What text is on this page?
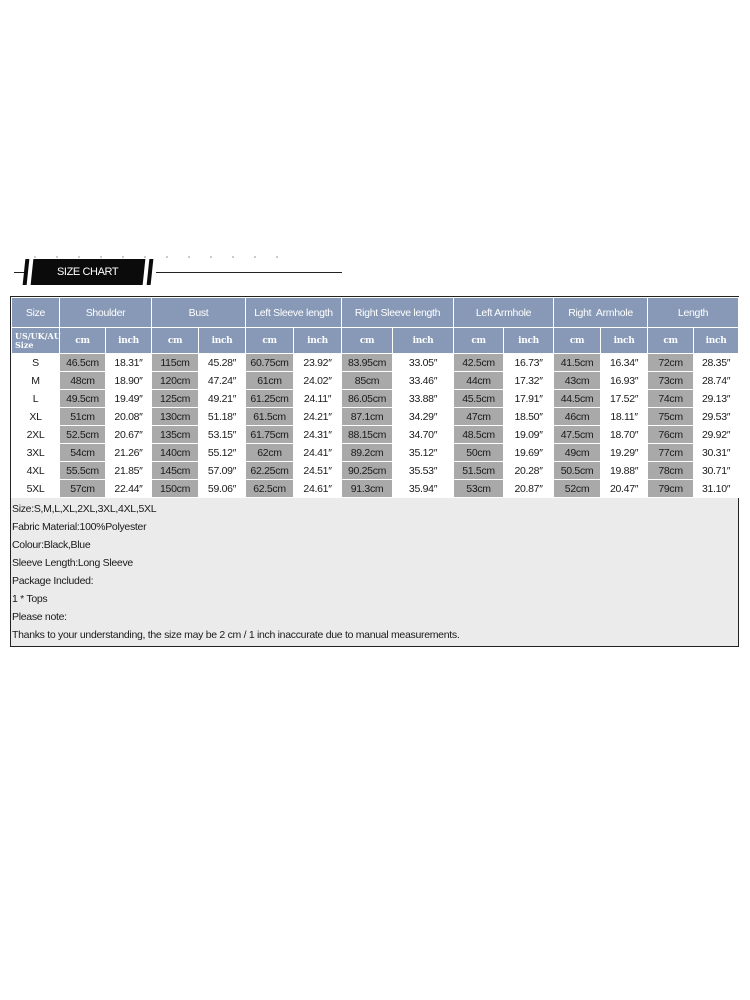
SIZE CHART
Size	Shoulder		Bust		Left Sleeve length		Right Sleeve length		Left Armhole		Right  Armhole		Length	
US/UK/AU Size	cm	inch	cm	inch	cm	inch	cm	inch	cm	inch	cm	inch	cm	inch
S	46.5cm	18.31″	115cm	45.28″	60.75cm	23.92″	83.95cm	33.05″	42.5cm	16.73″	41.5cm	16.34″	72cm	28.35″
M	48cm	18.90″	120cm	47.24″	61cm	24.02″	85cm	33.46″	44cm	17.32″	43cm	16.93″	73cm	28.74″
L	49.5cm	19.49″	125cm	49.21″	61.25cm	24.11″	86.05cm	33.88″	45.5cm	17.91″	44.5cm	17.52″	74cm	29.13″
XL	51cm	20.08″	130cm	51.18″	61.5cm	24.21″	87.1cm	34.29″	47cm	18.50″	46cm	18.11″	75cm	29.53″
2XL	52.5cm	20.67″	135cm	53.15″	61.75cm	24.31″	88.15cm	34.70″	48.5cm	19.09″	47.5cm	18.70″	76cm	29.92″
3XL	54cm	21.26″	140cm	55.12″	62cm	24.41″	89.2cm	35.12″	50cm	19.69″	49cm	19.29″	77cm	30.31″
4XL	55.5cm	21.85″	145cm	57.09″	62.25cm	24.51″	90.25cm	35.53″	51.5cm	20.28″	50.5cm	19.88″	78cm	30.71″
5XL	57cm	22.44″	150cm	59.06″	62.5cm	24.61″	91.3cm	35.94″	53cm	20.87″	52cm	20.47″	79cm	31.10″
Size:S,M,L,XL,2XL,3XL,4XL,5XL
Fabric Material:100%Polyester
Colour:Black,Blue
Sleeve Length:Long Sleeve
Package Included:
1 * Tops
Please note:
Thanks to your understanding, the size may be 2 cm / 1 inch inaccurate due to manual measurements.
